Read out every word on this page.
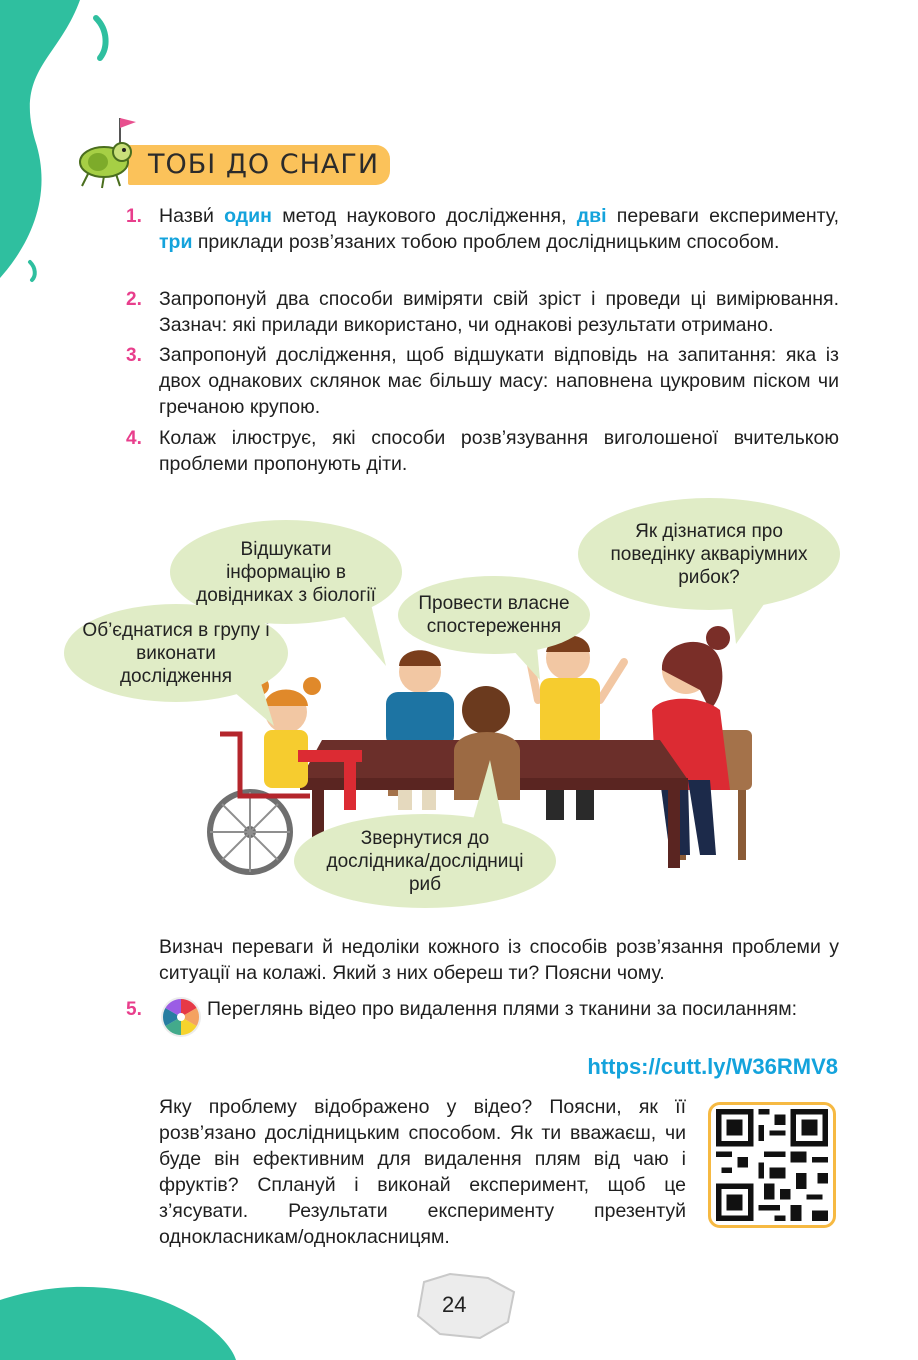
ТОБІ ДО СНАГИ
1. Назви́ один метод наукового дослідження, дві переваги експерименту, три приклади розв’язаних тобою проблем дослідницьким способом.
2. Запропонуй два способи виміряти свій зріст і проведи ці вимірювання. Зазнач: які прилади використано, чи однакові результати отримано.
3. Запропонуй дослідження, щоб відшукати відповідь на запитання: яка із двох однакових склянок має більшу масу: наповнена цукровим піском чи гречаною крупою.
4. Колаж ілюструє, які способи розв’язування виголошеної вчителькою проблеми пропонують діти.
Об’єднатися в групу і виконати дослідження
Відшукати інформацію в довідниках з біології	Провести власне спостереження
Як дізнатися про поведінку акваріумних рибок?
Звернутися до дослідника/дослідниці риб
Визнач переваги й недоліки кожного із способів розв’язання проблеми у ситуації на колажі. Який з них обереш ти? Поясни чому.
5.	Переглянь відео про видалення плями з тканини за посиланням:
https://cutt.ly/W36RMV8
Яку проблему відображено у відео? Поясни, як її розв’язано дослідницьким способом. Як ти вважаєш, чи буде він ефективним для видалення плям від чаю і фруктів? Сплануй і виконай експеримент, щоб це з’ясувати. Результати експерименту презентуй однокласникам/однокласницям.
24
